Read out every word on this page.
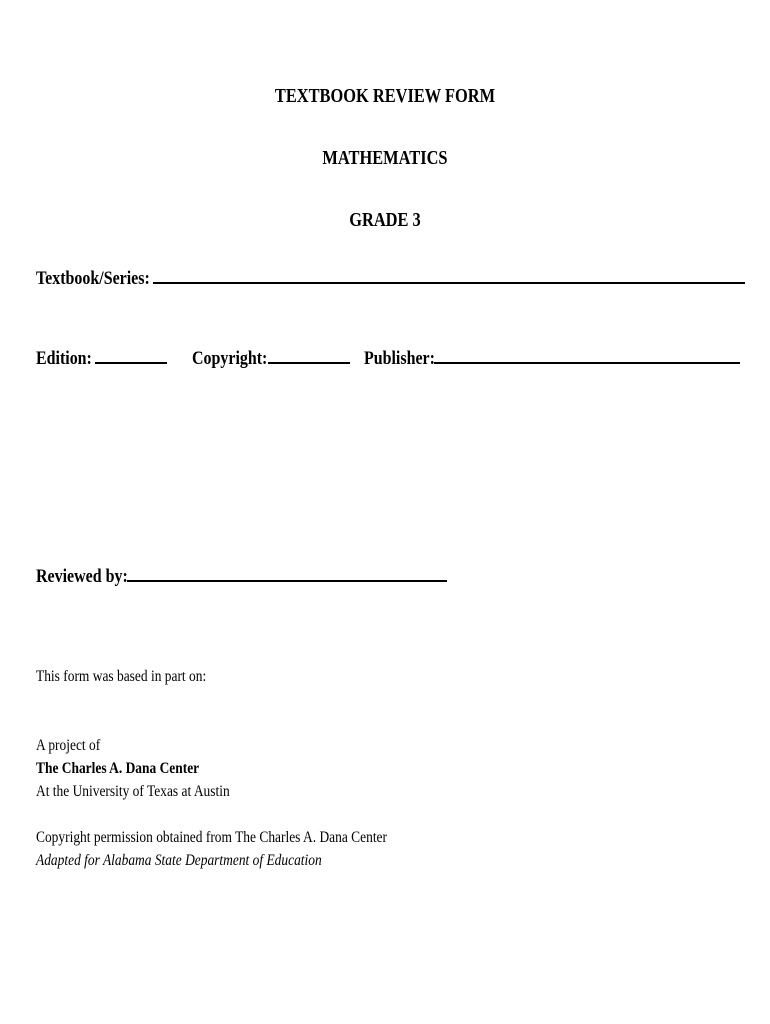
TEXTBOOK REVIEW FORM
MATHEMATICS
GRADE 3
Textbook/Series:
Edition:	Copyright:	Publisher:
Reviewed by:
This form was based in part on:
A project of
The Charles A. Dana Center
At the University of Texas at Austin
Copyright permission obtained from The Charles A. Dana Center
Adapted for Alabama State Department of Education
